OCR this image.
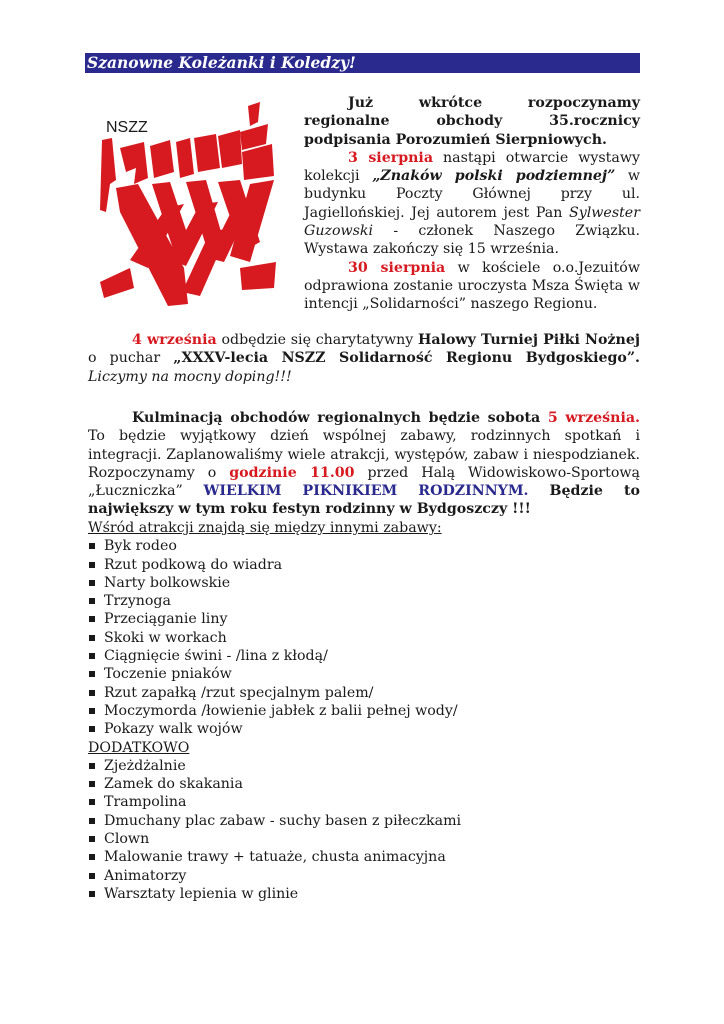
Szanowne Koleżanki i Koledzy!
NSZZ

Już wkrótce rozpoczynamy regionalne obchody 35.rocznicy podpisania Porozumień Sierpniowych.

3 sierpnia nastąpi otwarcie wystawy kolekcji „Znaków polski podziemnej” w budynku Poczty Głównej przy ul. Jagiellońskiej. Jej autorem jest Pan Sylwester Guzowski - członek Naszego Związku. Wystawa zakończy się 15 września.

30 sierpnia w kościele o.o.Jezuitów odprawiona zostanie uroczysta Msza Święta w intencji „Solidarności” naszego Regionu.

4 września odbędzie się charytatywny Halowy Turniej Piłki Nożnej o puchar „XXXV-lecia NSZZ Solidarność Regionu Bydgoskiego”. Liczymy na mocny doping!!!

Kulminacją obchodów regionalnych będzie sobota 5 września. To będzie wyjątkowy dzień wspólnej zabawy, rodzinnych spotkań i integracji. Zaplanowaliśmy wiele atrakcji, występów, zabaw i niespodzianek. Rozpoczynamy o godzinie 11.00 przed Halą Widowiskowo-Sportową „Łuczniczka” WIELKIM PIKNIKIEM RODZINNYM. Będzie to największy w tym roku festyn rodzinny w Bydgoszczy !!!

Wśród atrakcji znajdą się między innymi zabawy:

Byk rodeo
Rzut podkową do wiadra
Narty bolkowskie
Trzynoga
Przeciąganie liny
Skoki w workach
Ciągnięcie świni - /lina z kłodą/
Toczenie pniaków
Rzut zapałką /rzut specjalnym palem/
Moczymorda /łowienie jabłek z balii pełnej wody/
Pokazy walk wojów

DODATKOWO

Zjeżdżalnie
Zamek do skakania
Trampolina
Dmuchany plac zabaw - suchy basen z piłeczkami
Clown
Malowanie trawy + tatuaże, chusta animacyjna
Animatorzy
Warsztaty lepienia w glinie
